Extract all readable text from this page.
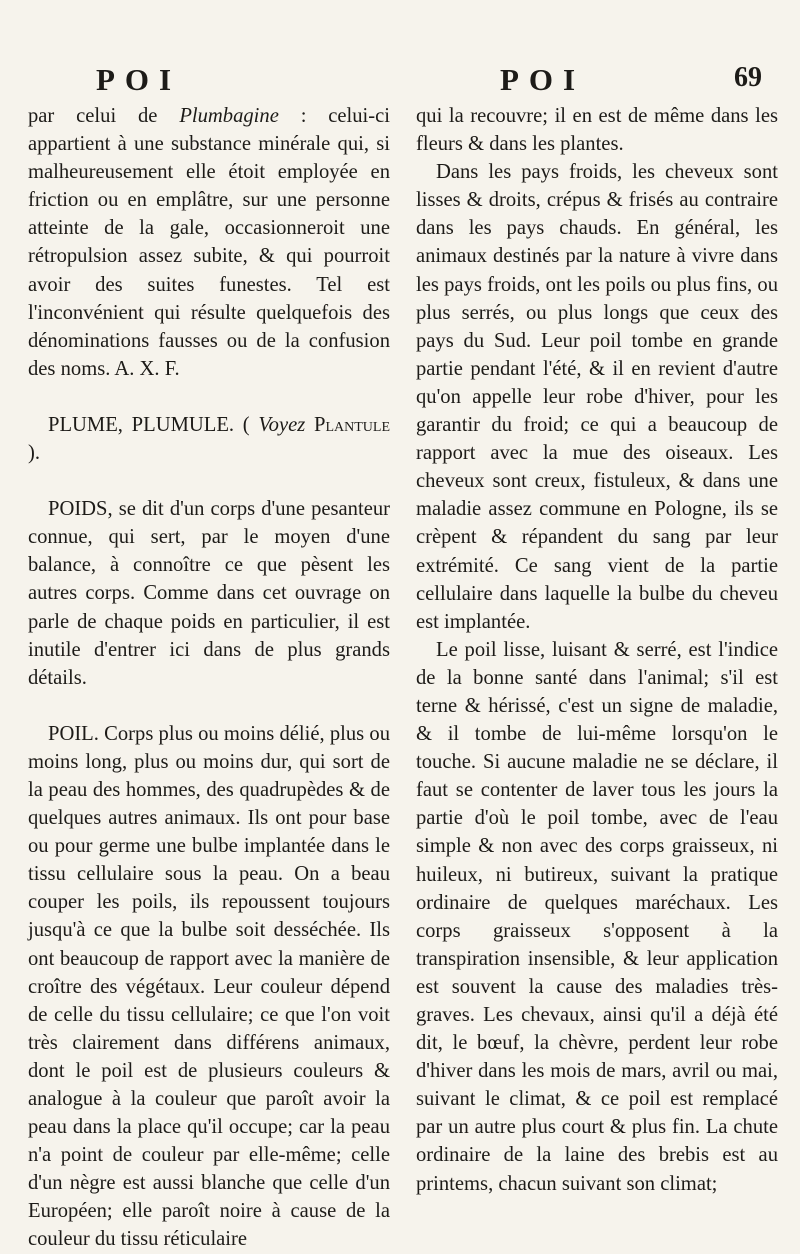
POI	POI	69

par celui de Plumbagine : celui-ci appartient à une substance minérale qui, si malheureusement elle étoit employée en friction ou en emplâtre, sur une personne atteinte de la gale, occasionneroit une rétropulsion assez subite, & qui pourroit avoir des suites funestes. Tel est l'inconvénient qui résulte quelquefois des dénominations fausses ou de la confusion des noms. A. X. F.

PLUME, PLUMULE. ( Voyez Plantule ).

POIDS, se dit d'un corps d'une pesanteur connue, qui sert, par le moyen d'une balance, à connoître ce que pèsent les autres corps. Comme dans cet ouvrage on parle de chaque poids en particulier, il est inutile d'entrer ici dans de plus grands détails.

POIL. Corps plus ou moins délié, plus ou moins long, plus ou moins dur, qui sort de la peau des hommes, des quadrupèdes & de quelques autres animaux. Ils ont pour base ou pour germe une bulbe implantée dans le tissu cellulaire sous la peau. On a beau couper les poils, ils repoussent toujours jusqu'à ce que la bulbe soit desséchée. Ils ont beaucoup de rapport avec la manière de croître des végétaux. Leur couleur dépend de celle du tissu cellulaire; ce que l'on voit très clairement dans différens animaux, dont le poil est de plusieurs couleurs & analogue à la couleur que paroît avoir la peau dans la place qu'il occupe; car la peau n'a point de couleur par elle-même; celle d'un nègre est aussi blanche que celle d'un Européen; elle paroît noire à cause de la couleur du tissu réticulaire

qui la recouvre; il en est de même dans les fleurs & dans les plantes.

Dans les pays froids, les cheveux sont lisses & droits, crépus & frisés au contraire dans les pays chauds. En général, les animaux destinés par la nature à vivre dans les pays froids, ont les poils ou plus fins, ou plus serrés, ou plus longs que ceux des pays du Sud. Leur poil tombe en grande partie pendant l'été, & il en revient d'autre qu'on appelle leur robe d'hiver, pour les garantir du froid; ce qui a beaucoup de rapport avec la mue des oiseaux. Les cheveux sont creux, fistuleux, & dans une maladie assez commune en Pologne, ils se crèpent & répandent du sang par leur extrémité. Ce sang vient de la partie cellulaire dans laquelle la bulbe du cheveu est implantée.

Le poil lisse, luisant & serré, est l'indice de la bonne santé dans l'animal; s'il est terne & hérissé, c'est un signe de maladie, & il tombe de lui-même lorsqu'on le touche. Si aucune maladie ne se déclare, il faut se contenter de laver tous les jours la partie d'où le poil tombe, avec de l'eau simple & non avec des corps graisseux, ni huileux, ni butireux, suivant la pratique ordinaire de quelques maréchaux. Les corps graisseux s'opposent à la transpiration insensible, & leur application est souvent la cause des maladies très-graves. Les chevaux, ainsi qu'il a déjà été dit, le bœuf, la chèvre, perdent leur robe d'hiver dans les mois de mars, avril ou mai, suivant le climat, & ce poil est remplacé par un autre plus court & plus fin. La chute ordinaire de la laine des brebis est au printems, chacun suivant son climat;
